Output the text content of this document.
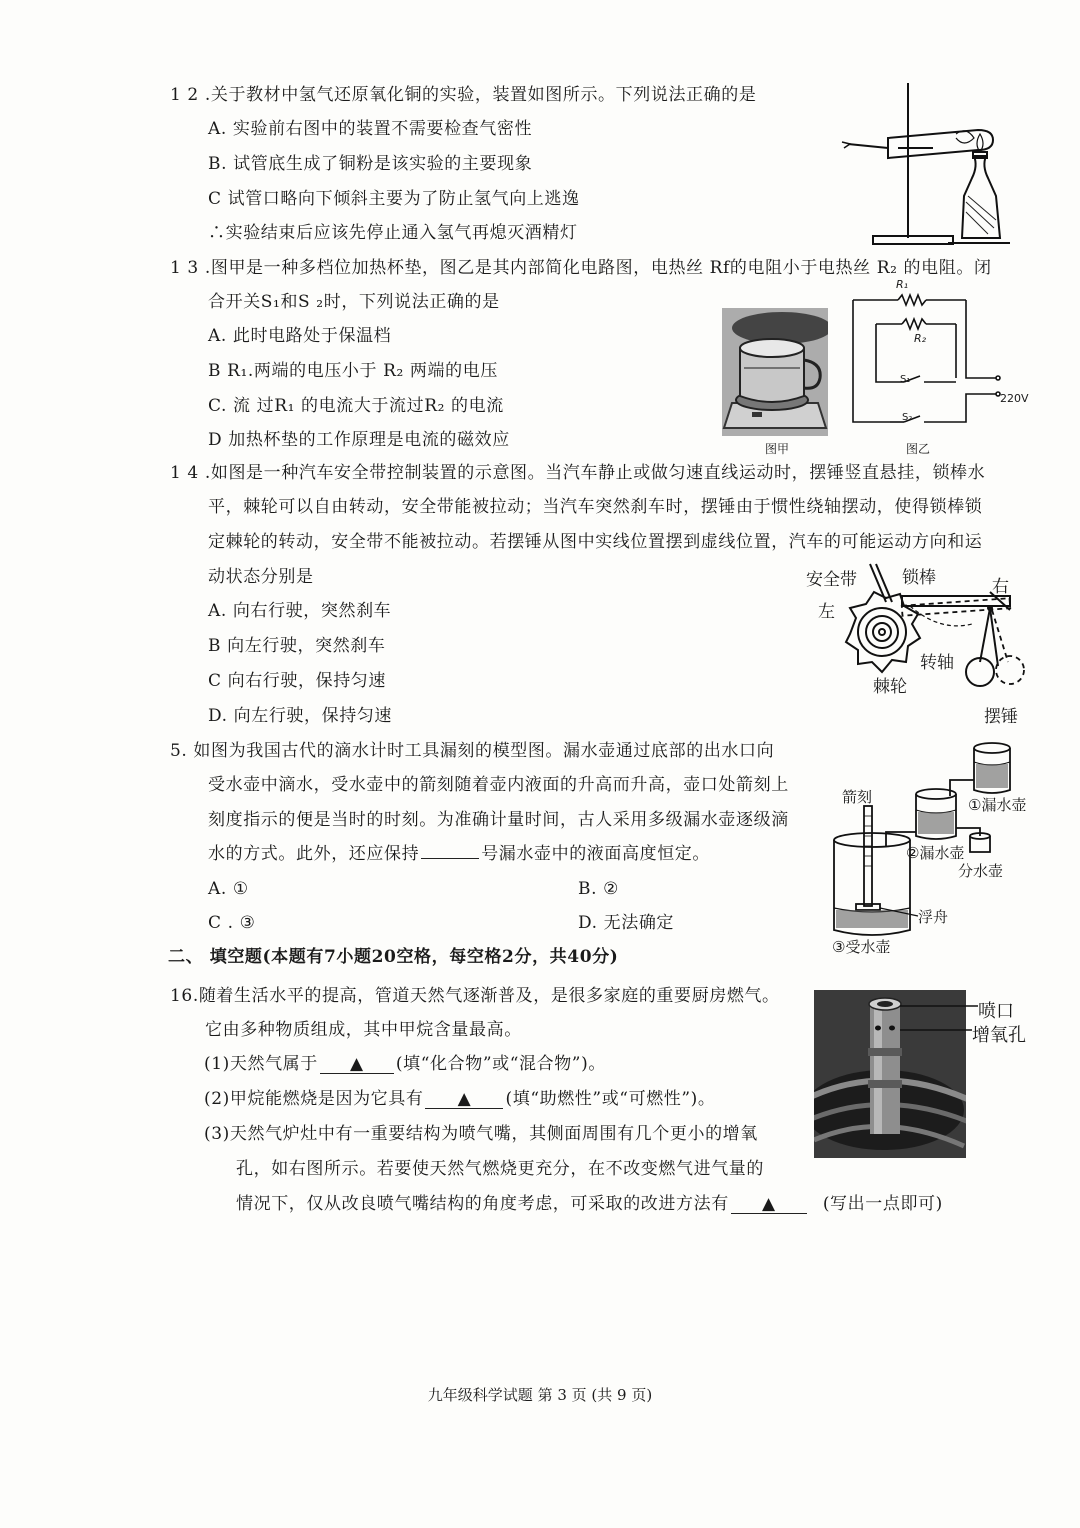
1 2 .关于教材中氢气还原氧化铜的实验，装置如图所示。下列说法正确的是
A. 实验前右图中的装置不需要检查气密性
B. 试管底生成了铜粉是该实验的主要现象
C 试管口略向下倾斜主要为了防止氢气向上逃逸
∴实验结束后应该先停止通入氢气再熄灭酒精灯
1 3 .图甲是一种多档位加热杯垫，图乙是其内部简化电路图，电热丝 Rf的电阻小于电热丝 R₂ 的电阻。闭
合开关S₁和S ₂时，下列说法正确的是
A. 此时电路处于保温档
B R₁.两端的电压小于 R₂ 两端的电压
C. 流 过R₁ 的电流大于流过R₂ 的电流
D 加热杯垫的工作原理是电流的磁效应	图甲
R₁
R₂
S₁
S₂
220V
图乙
1 4 .如图是一种汽车安全带控制装置的示意图。当汽车静止或做匀速直线运动时，摆锤竖直悬挂，锁棒水
平，棘轮可以自由转动，安全带能被拉动；当汽车突然刹车时，摆锤由于惯性绕轴摆动，使得锁棒锁
定棘轮的转动，安全带不能被拉动。若摆锤从图中实线位置摆到虚线位置，汽车的可能运动方向和运
动状态分别是
A. 向右行驶，突然刹车
B 向左行驶，突然刹车
C 向右行驶，保持匀速
D. 向左行驶，保持匀速
安全带	锁棒	右
左
转轴
棘轮
摆锤
5. 如图为我国古代的滴水计时工具漏刻的模型图。漏水壶通过底部的出水口向
受水壶中滴水，受水壶中的箭刻随着壶内液面的升高而升高，壶口处箭刻上
刻度指示的便是当时的时刻。为准确计量时间，古人采用多级漏水壶逐级滴
水的方式。此外，还应保持	号漏水壶中的液面高度恒定。
A. ①	B. ②
C . ③	D. 无法确定
箭刻	①漏水壶
②漏水壶
分水壶
浮舟
③受水壶
二、 填空题(本题有7小题20空格，每空格2分，共40分)
16.随着生活水平的提高，管道天然气逐渐普及，是很多家庭的重要厨房燃气。
它由多种物质组成，其中甲烷含量最高。
(1)天然气属于 ▲ (填“化合物”或“混合物”)。
(2)甲烷能燃烧是因为它具有 ▲ (填“助燃性”或“可燃性”)。
(3)天然气炉灶中有一重要结构为喷气嘴，其侧面周围有几个更小的增氧
孔，如右图所示。若要使天然气燃烧更充分，在不改变燃气进气量的
情况下，仅从改良喷气嘴结构的角度考虑，可采取的改进方法有 ▲	(写出一点即可)
喷口
增氧孔
九年级科学试题 第 3 页 (共 9 页)
